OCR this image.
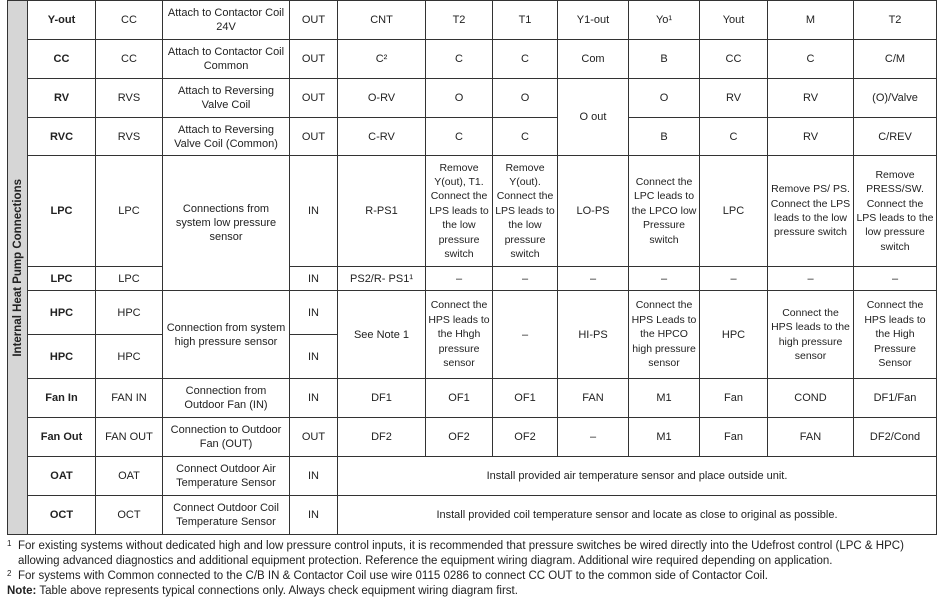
Internal Heat Pump Connections	Y-out	CC	Attach to Contactor Coil 24V	OUT	CNT	T2	T1	Y1-out	Yo¹	Yout	M	T2
	CC	CC	Attach to Contactor Coil Common	OUT	C²	C	C	Com	B	CC	C	C/M
	RV	RVS	Attach to Reversing Valve Coil	OUT	O-RV	O	O	O out	O	RV	RV	(O)/Valve
	RVC	RVS	Attach to Reversing Valve Coil (Common)	OUT	C-RV	C	C		B	C	RV	C/REV
	LPC	LPC	Connections from system low pressure sensor	IN	R-PS1	Remove Y(out), T1. Connect the LPS leads to the low pressure switch	Remove Y(out). Connect the LPS leads to the low pressure switch	LO-PS	Connect the LPC leads to the LPCO low Pressure switch	LPC	Remove PS/ PS. Connect the LPS leads to the low pressure switch	Remove PRESS/SW. Connect the LPS leads to the low pressure switch
	LPC	LPC		IN	PS2/R- PS1¹	–	–	–	–	–	–	–
	HPC	HPC	Connection from system high pressure sensor	IN	See Note 1	Connect the HPS leads to the Hhgh pressure sensor	–	HI-PS	Connect the HPS Leads to the HPCO high pressure sensor	HPC	Connect the HPS leads to the high pressure sensor	Connect the HPS leads to the High Pressure Sensor
	HPC	HPC		IN								
	Fan In	FAN IN	Connection from Outdoor Fan (IN)	IN	DF1	OF1	OF1	FAN	M1	Fan	COND	DF1/Fan
	Fan Out	FAN OUT	Connection to Outdoor Fan (OUT)	OUT	DF2	OF2	OF2	–	M1	Fan	FAN	DF2/Cond
	OAT	OAT	Connect Outdoor Air Temperature Sensor	IN	Install provided air temperature sensor and place outside unit.							
	OCT	OCT	Connect Outdoor Coil Temperature Sensor	IN	Install provided coil temperature sensor and locate as close to original as possible.							
1 For existing systems without dedicated high and low pressure control inputs, it is recommended that pressure switches be wired directly into the Udefrost control (LPC & HPC) allowing advanced diagnostics and additional equipment protection. Reference the equipment wiring diagram. Additional wire required depending on application.
2 For systems with Common connected to the C/B IN & Contactor Coil use wire 0115 0286 to connect CC OUT to the common side of Contactor Coil.
Note: Table above represents typical connections only. Always check equipment wiring diagram first.
